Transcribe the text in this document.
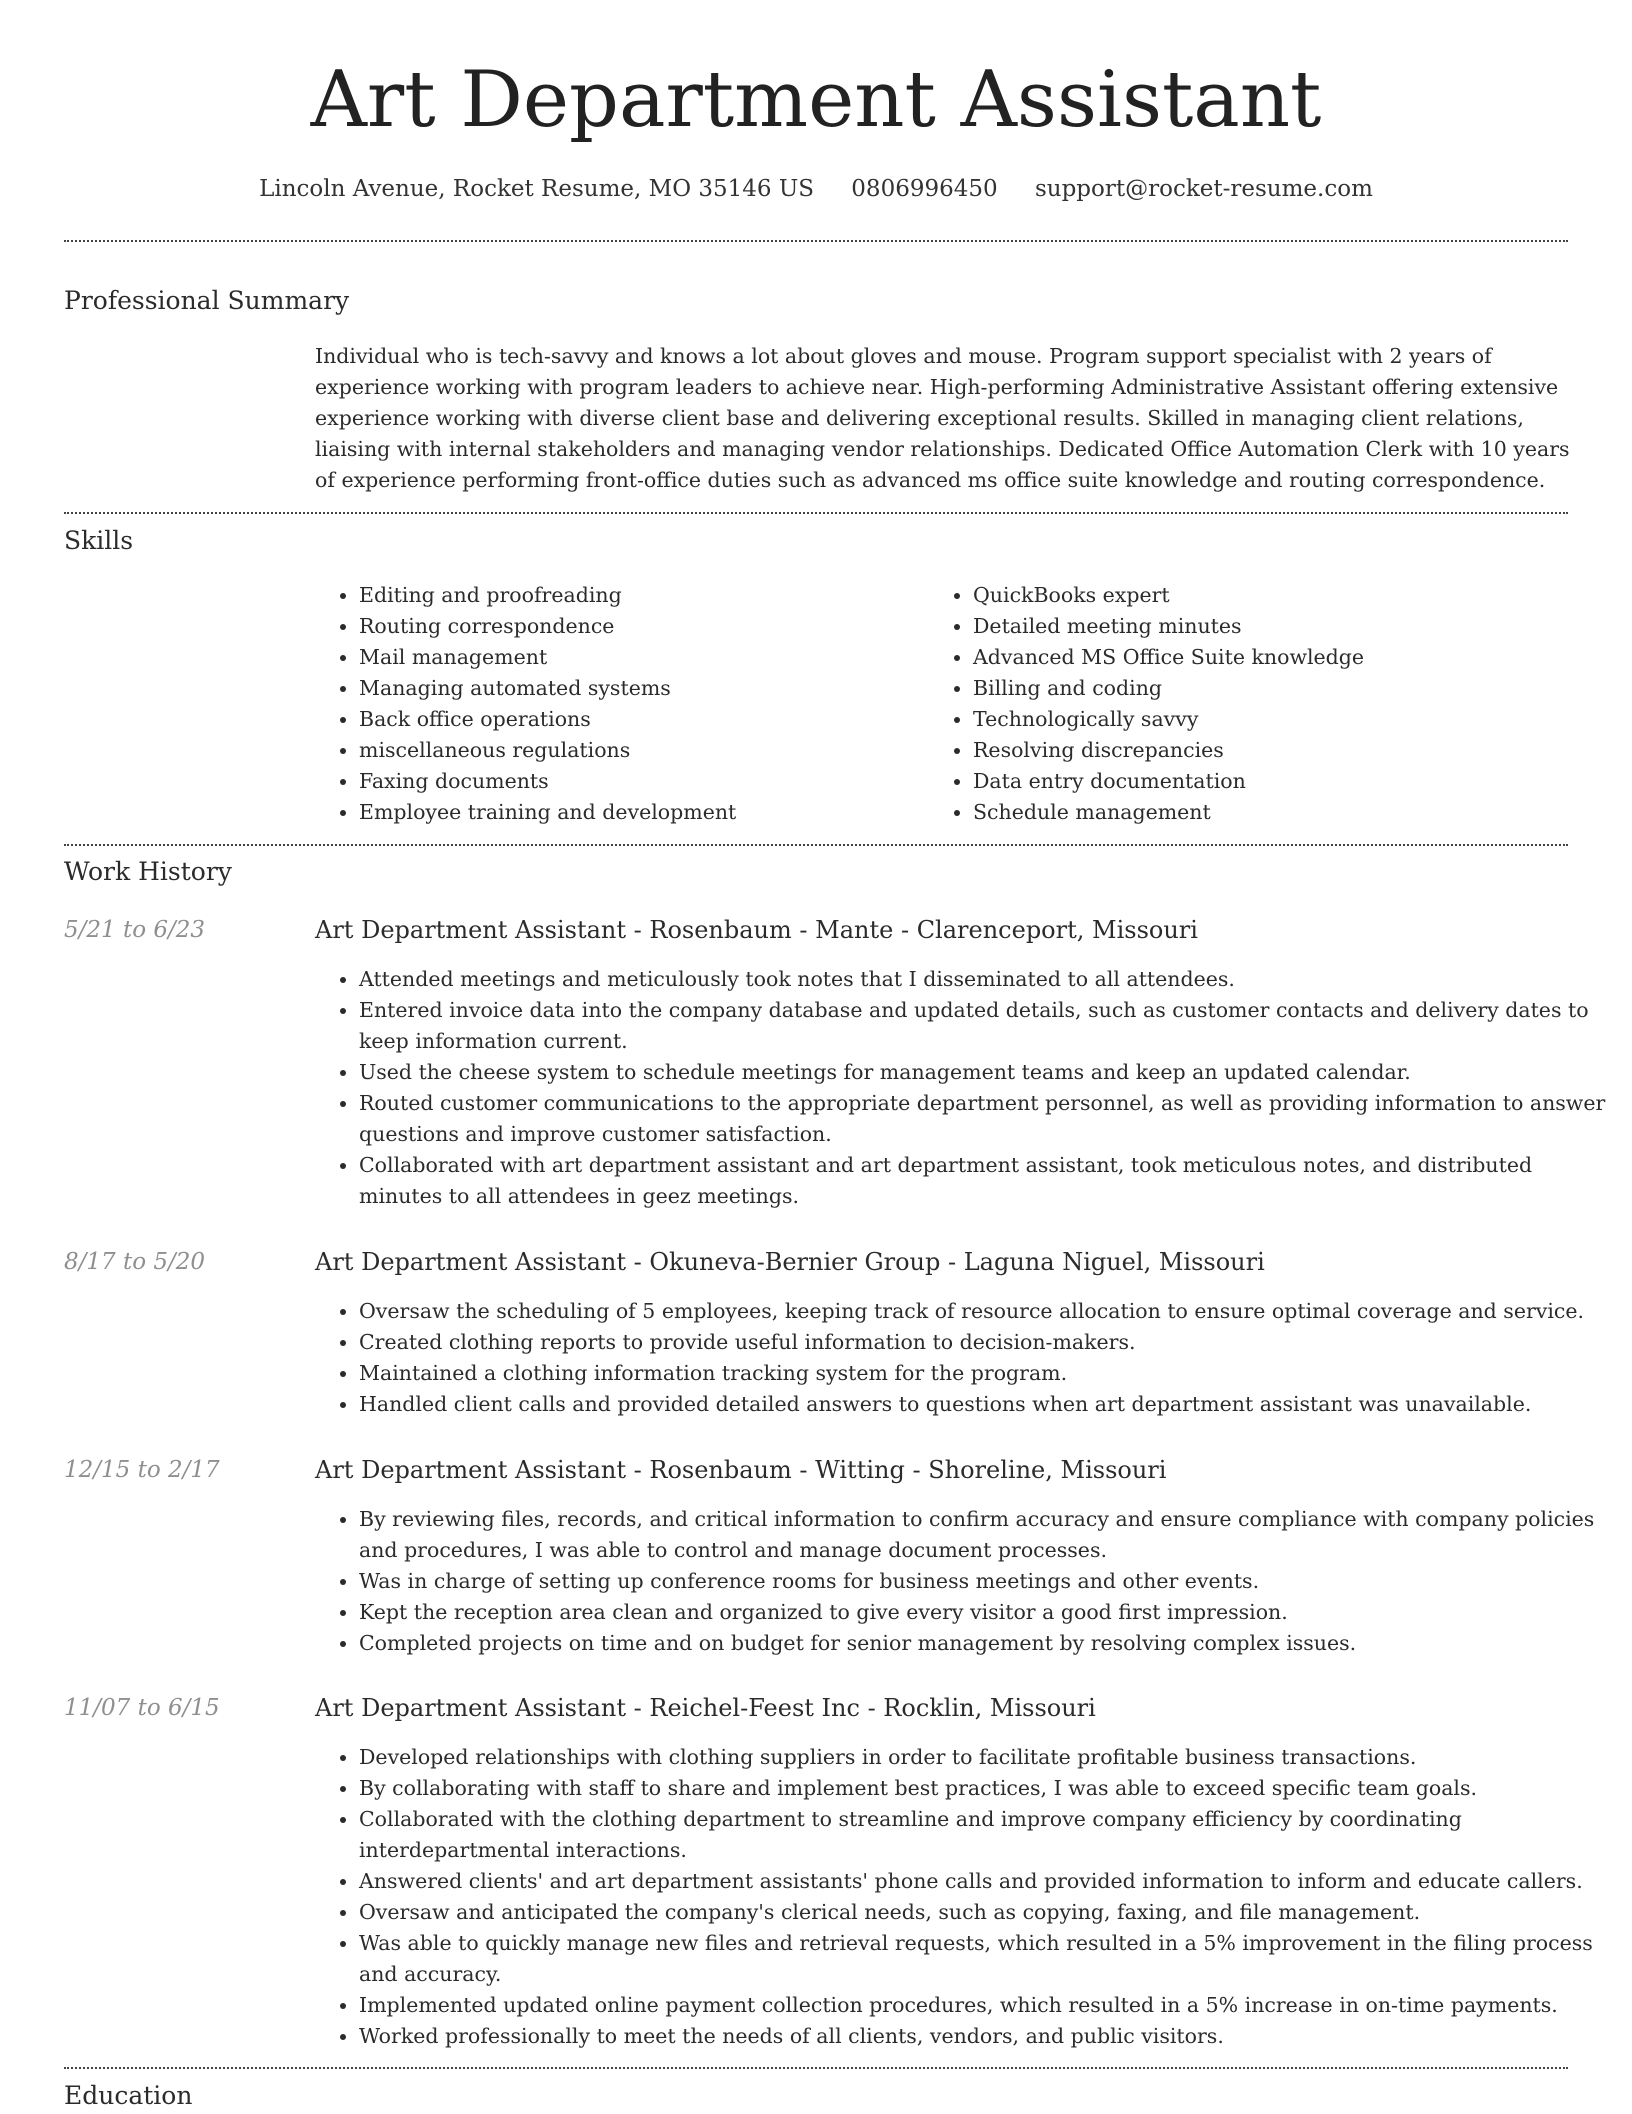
Art Department Assistant
Lincoln Avenue, Rocket Resume, MO 35146 US 0806996450 support@rocket-resume.com
Professional Summary

Individual who is tech-savvy and knows a lot about gloves and mouse. Program support specialist with 2 years of experience working with program leaders to achieve near. High-performing Administrative Assistant offering extensive experience working with diverse client base and delivering exceptional results. Skilled in managing client relations, liaising with internal stakeholders and managing vendor relationships. Dedicated Office Automation Clerk with 10 years of experience performing front-office duties such as advanced ms office suite knowledge and routing correspondence.

Skills
• Editing and proofreading
• Routing correspondence
• Mail management
• Managing automated systems
• Back office operations
• miscellaneous regulations
• Faxing documents
• Employee training and development
• QuickBooks expert
• Detailed meeting minutes
• Advanced MS Office Suite knowledge
• Billing and coding
• Technologically savvy
• Resolving discrepancies
• Data entry documentation
• Schedule management
Work History
5/21 to 6/23	Art Department Assistant - Rosenbaum - Mante - Clarenceport, Missouri
• Attended meetings and meticulously took notes that I disseminated to all attendees.
• Entered invoice data into the company database and updated details, such as customer contacts and delivery dates to keep information current.
• Used the cheese system to schedule meetings for management teams and keep an updated calendar.
• Routed customer communications to the appropriate department personnel, as well as providing information to answer questions and improve customer satisfaction.
• Collaborated with art department assistant and art department assistant, took meticulous notes, and distributed minutes to all attendees in geez meetings.
8/17 to 5/20	Art Department Assistant - Okuneva-Bernier Group - Laguna Niguel, Missouri
• Oversaw the scheduling of 5 employees, keeping track of resource allocation to ensure optimal coverage and service.
• Created clothing reports to provide useful information to decision-makers.
• Maintained a clothing information tracking system for the program.
• Handled client calls and provided detailed answers to questions when art department assistant was unavailable.
12/15 to 2/17	Art Department Assistant - Rosenbaum - Witting - Shoreline, Missouri
• By reviewing files, records, and critical information to confirm accuracy and ensure compliance with company policies and procedures, I was able to control and manage document processes.
• Was in charge of setting up conference rooms for business meetings and other events.
• Kept the reception area clean and organized to give every visitor a good first impression.
• Completed projects on time and on budget for senior management by resolving complex issues.
11/07 to 6/15	Art Department Assistant - Reichel-Feest Inc - Rocklin, Missouri
• Developed relationships with clothing suppliers in order to facilitate profitable business transactions.
• By collaborating with staff to share and implement best practices, I was able to exceed specific team goals.
• Collaborated with the clothing department to streamline and improve company efficiency by coordinating interdepartmental interactions.
• Answered clients' and art department assistants' phone calls and provided information to inform and educate callers.
• Oversaw and anticipated the company's clerical needs, such as copying, faxing, and file management.
• Was able to quickly manage new files and retrieval requests, which resulted in a 5% improvement in the filing process and accuracy.
• Implemented updated online payment collection procedures, which resulted in a 5% increase in on-time payments.
• Worked professionally to meet the needs of all clients, vendors, and public visitors.
Education
